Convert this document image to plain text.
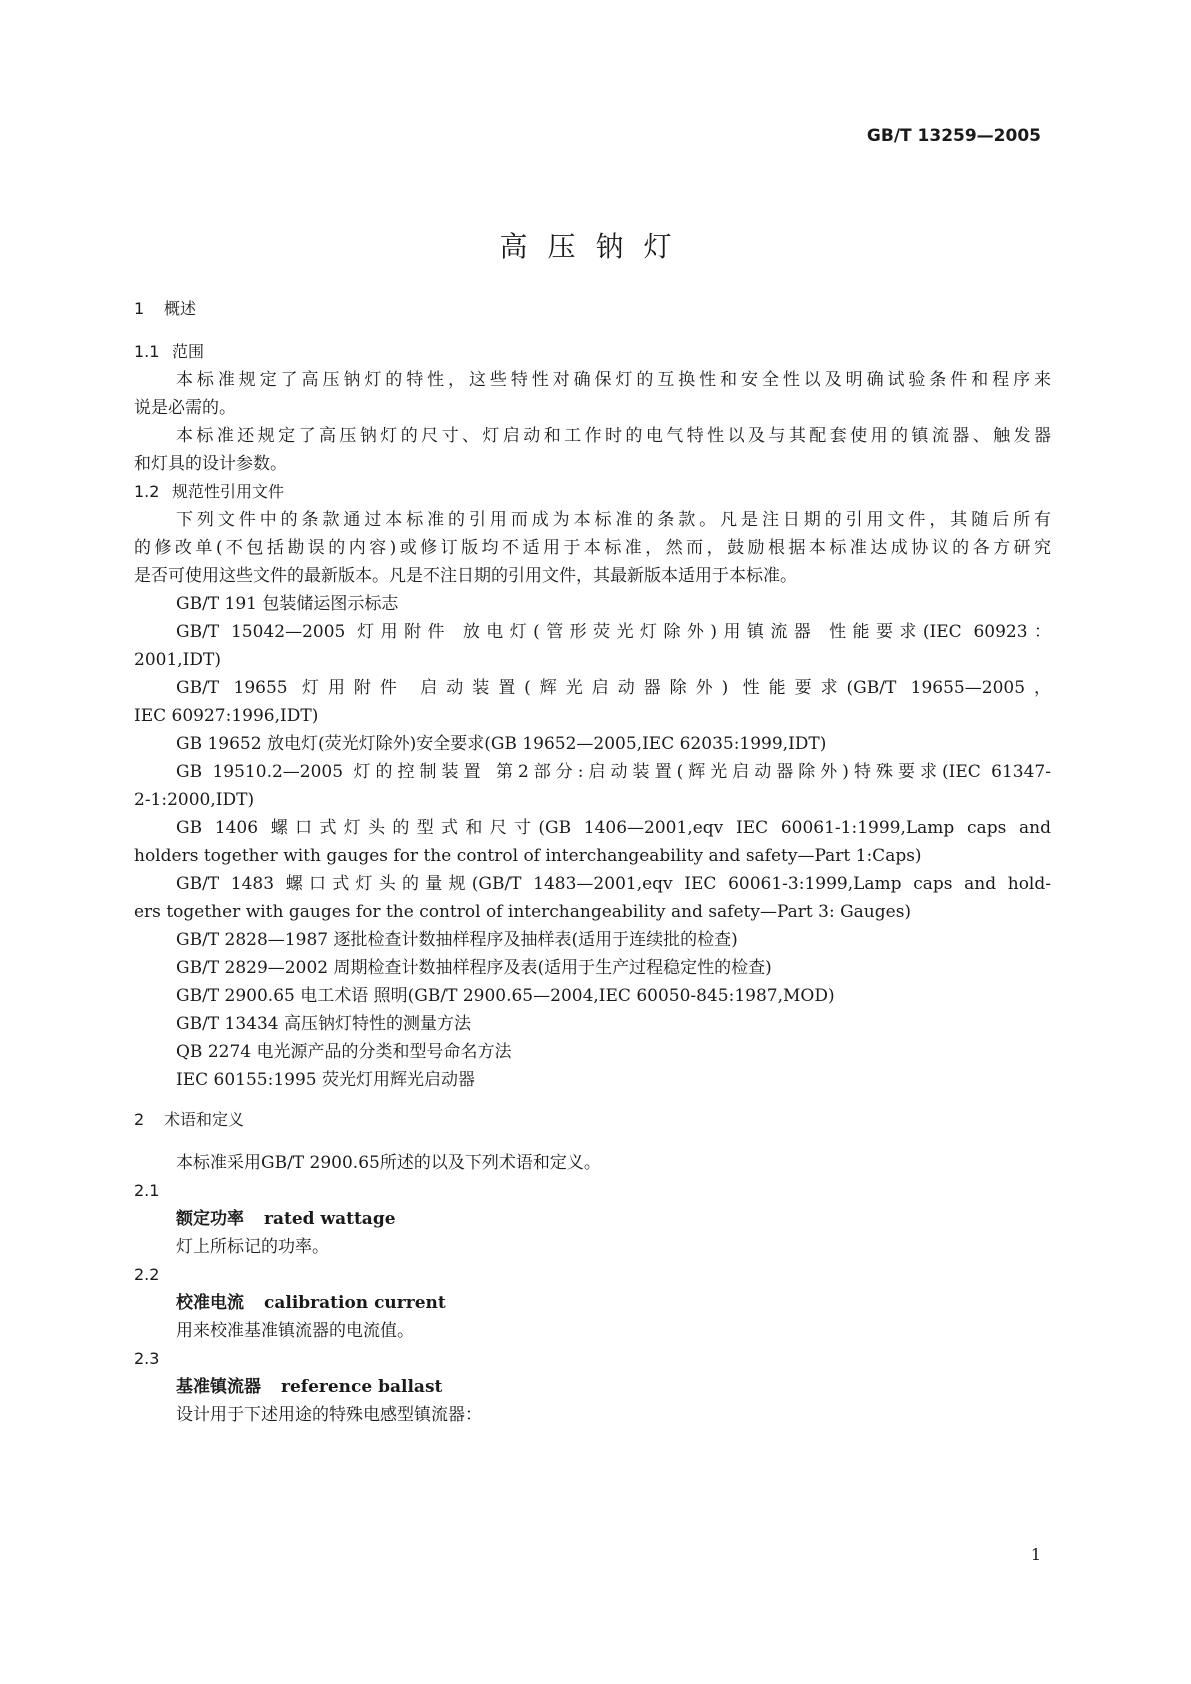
GB/T 13259—2005
高压钠灯
1 概述
1.1 范围
本标准规定了高压钠灯的特性，这些特性对确保灯的互换性和安全性以及明确试验条件和程序来
说是必需的。
本标准还规定了高压钠灯的尺寸、灯启动和工作时的电气特性以及与其配套使用的镇流器、触发器
和灯具的设计参数。
1.2 规范性引用文件
下列文件中的条款通过本标准的引用而成为本标准的条款。凡是注日期的引用文件，其随后所有
的修改单(不包括勘误的内容)或修订版均不适用于本标准，然而，鼓励根据本标准达成协议的各方研究
是否可使用这些文件的最新版本。凡是不注日期的引用文件，其最新版本适用于本标准。
GB/T 191 包装储运图示标志
GB/T 15042—2005 灯用附件 放电灯(管形荧光灯除外)用镇流器 性能要求(IEC 60923：
2001,IDT)
GB/T 19655 灯用附件 启动装置(辉光启动器除外) 性能要求(GB/T 19655—2005，
IEC 60927:1996,IDT)
GB 19652 放电灯(荧光灯除外)安全要求(GB 19652—2005,IEC 62035:1999,IDT)
GB 19510.2—2005 灯的控制装置 第2部分:启动装置(辉光启动器除外)特殊要求(IEC 61347-
2-1:2000,IDT)
GB 1406 螺口式灯头的型式和尺寸(GB 1406—2001,eqv IEC 60061-1:1999,Lamp caps and
holders together with gauges for the control of interchangeability and safety—Part 1:Caps)
GB/T 1483 螺口式灯头的量规(GB/T 1483—2001,eqv IEC 60061-3:1999,Lamp caps and hold-
ers together with gauges for the control of interchangeability and safety—Part 3: Gauges)
GB/T 2828—1987 逐批检查计数抽样程序及抽样表(适用于连续批的检查)
GB/T 2829—2002 周期检查计数抽样程序及表(适用于生产过程稳定性的检查)
GB/T 2900.65 电工术语 照明(GB/T 2900.65—2004,IEC 60050-845:1987,MOD)
GB/T 13434 高压钠灯特性的测量方法
QB 2274 电光源产品的分类和型号命名方法
IEC 60155:1995 荧光灯用辉光启动器
2 术语和定义
本标准采用GB/T 2900.65所述的以及下列术语和定义。
2.1
额定功率 rated wattage
灯上所标记的功率。
2.2
校准电流 calibration current
用来校准基准镇流器的电流值。
2.3
基准镇流器 reference ballast
设计用于下述用途的特殊电感型镇流器：
1
